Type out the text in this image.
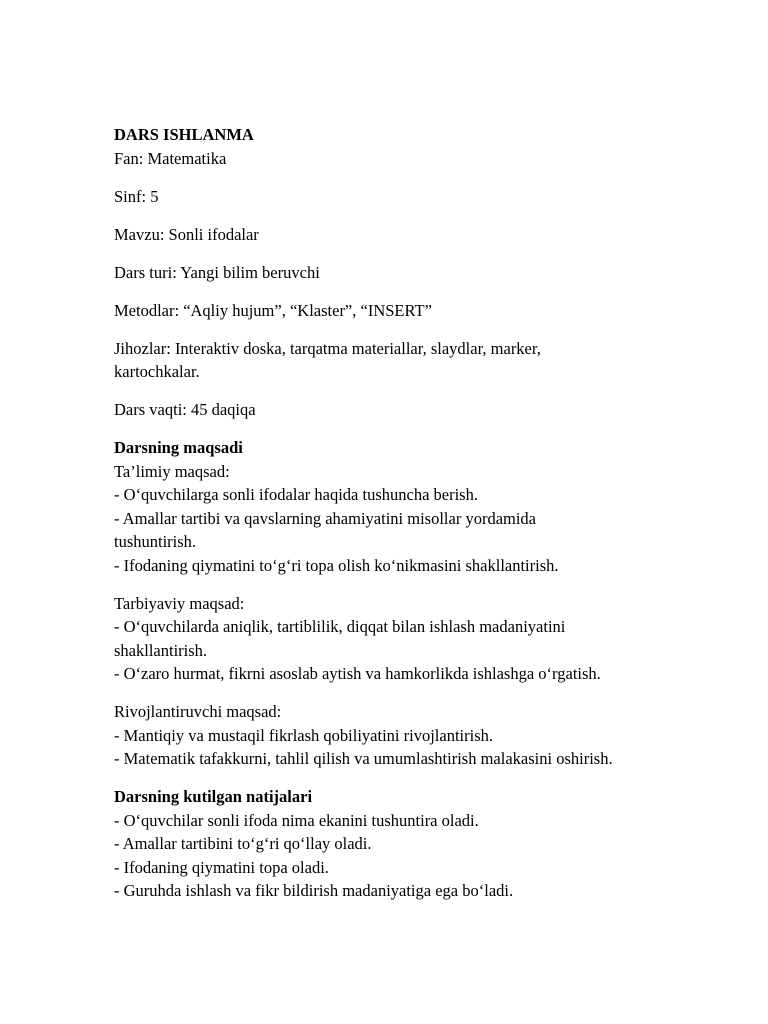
DARS ISHLANMA
Fan: Matematika
Sinf: 5
Mavzu: Sonli ifodalar
Dars turi: Yangi bilim beruvchi
Metodlar: “Aqliy hujum”, “Klaster”, “INSERT”
Jihozlar: Interaktiv doska, tarqatma materiallar, slaydlar, marker,
kartochkalar.
Dars vaqti: 45 daqiqa
Darsning maqsadi
Ta’limiy maqsad:
- O‘quvchilarga sonli ifodalar haqida tushuncha berish.
- Amallar tartibi va qavslarning ahamiyatini misollar yordamida
tushuntirish.
- Ifodaning qiymatini to‘g‘ri topa olish ko‘nikmasini shakllantirish.
Tarbiyaviy maqsad:
- O‘quvchilarda aniqlik, tartiblilik, diqqat bilan ishlash madaniyatini
shakllantirish.
- O‘zaro hurmat, fikrni asoslab aytish va hamkorlikda ishlashga o‘rgatish.
Rivojlantiruvchi maqsad:
- Mantiqiy va mustaqil fikrlash qobiliyatini rivojlantirish.
- Matematik tafakkurni, tahlil qilish va umumlashtirish malakasini oshirish.
Darsning kutilgan natijalari
- O‘quvchilar sonli ifoda nima ekanini tushuntira oladi.
- Amallar tartibini to‘g‘ri qo‘llay oladi.
- Ifodaning qiymatini topa oladi.
- Guruhda ishlash va fikr bildirish madaniyatiga ega bo‘ladi.
